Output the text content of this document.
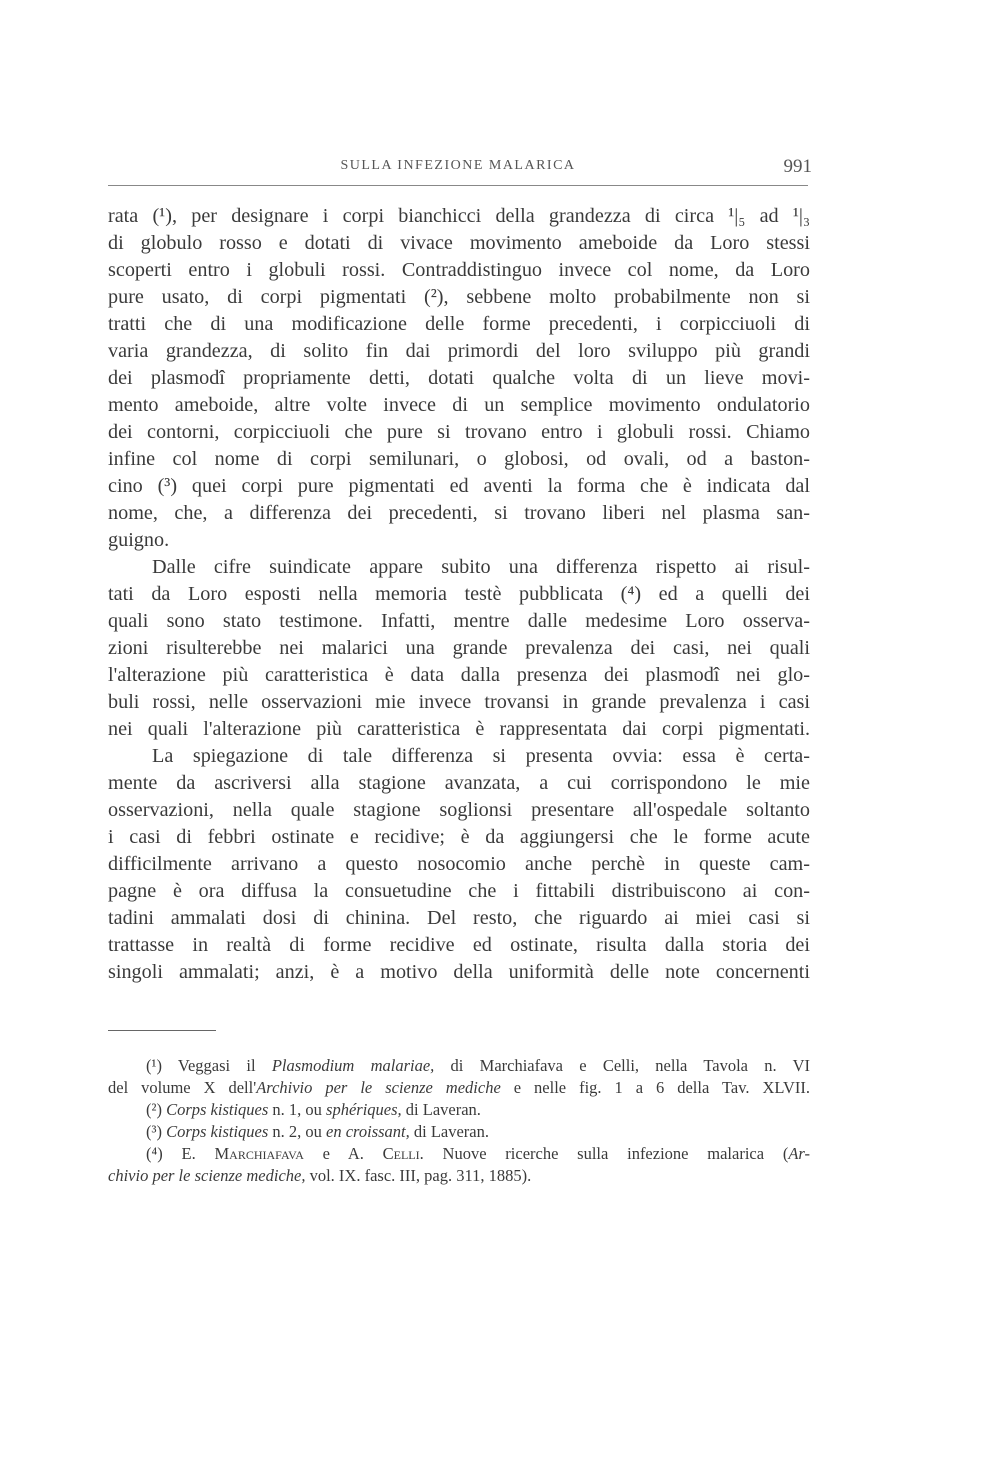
SULLA INFEZIONE MALARICA	991
rata (¹), per designare i corpi bianchicci della grandezza di circa ¹|₅ ad ¹|₃
di globulo rosso e dotati di vivace movimento ameboide da Loro stessi
scoperti entro i globuli rossi. Contraddistinguo invece col nome, da Loro
pure usato, di corpi pigmentati (²), sebbene molto probabilmente non si
tratti che di una modificazione delle forme precedenti, i corpicciuoli di
varia grandezza, di solito fin dai primordi del loro sviluppo più grandi
dei plasmodî propriamente detti, dotati qualche volta di un lieve movi-
mento ameboide, altre volte invece di un semplice movimento ondulatorio
dei contorni, corpicciuoli che pure si trovano entro i globuli rossi. Chiamo
infine col nome di corpi semilunari, o globosi, od ovali, od a baston-
cino (³) quei corpi pure pigmentati ed aventi la forma che è indicata dal
nome, che, a differenza dei precedenti, si trovano liberi nel plasma san-
guigno.
Dalle cifre suindicate appare subito una differenza rispetto ai risul-
tati da Loro esposti nella memoria testè pubblicata (⁴) ed a quelli dei
quali sono stato testimone. Infatti, mentre dalle medesime Loro osserva-
zioni risulterebbe nei malarici una grande prevalenza dei casi, nei quali
l'alterazione più caratteristica è data dalla presenza dei plasmodî nei glo-
buli rossi, nelle osservazioni mie invece trovansi in grande prevalenza i casi
nei quali l'alterazione più caratteristica è rappresentata dai corpi pigmentati.
La spiegazione di tale differenza si presenta ovvia: essa è certa-
mente da ascriversi alla stagione avanzata, a cui corrispondono le mie
osservazioni, nella quale stagione soglionsi presentare all'ospedale soltanto
i casi di febbri ostinate e recidive; è da aggiungersi che le forme acute
difficilmente arrivano a questo nosocomio anche perchè in queste cam-
pagne è ora diffusa la consuetudine che i fittabili distribuiscono ai con-
tadini ammalati dosi di chinina. Del resto, che riguardo ai miei casi si
trattasse in realtà di forme recidive ed ostinate, risulta dalla storia dei
singoli ammalati; anzi, è a motivo della uniformità delle note concernenti
(¹) Veggasi il Plasmodium malariae, di Marchiafava e Celli, nella Tavola n. VI
del volume X dell'Archivio per le scienze mediche e nelle fig. 1 a 6 della Tav. XLVII.
(²) Corps kistiques n. 1, ou sphériques, di Laveran.
(³) Corps kistiques n. 2, ou en croissant, di Laveran.
(⁴) E. Marchiafava e A. Celli. Nuove ricerche sulla infezione malarica (Ar-
chivio per le scienze mediche, vol. IX. fasc. III, pag. 311, 1885).
